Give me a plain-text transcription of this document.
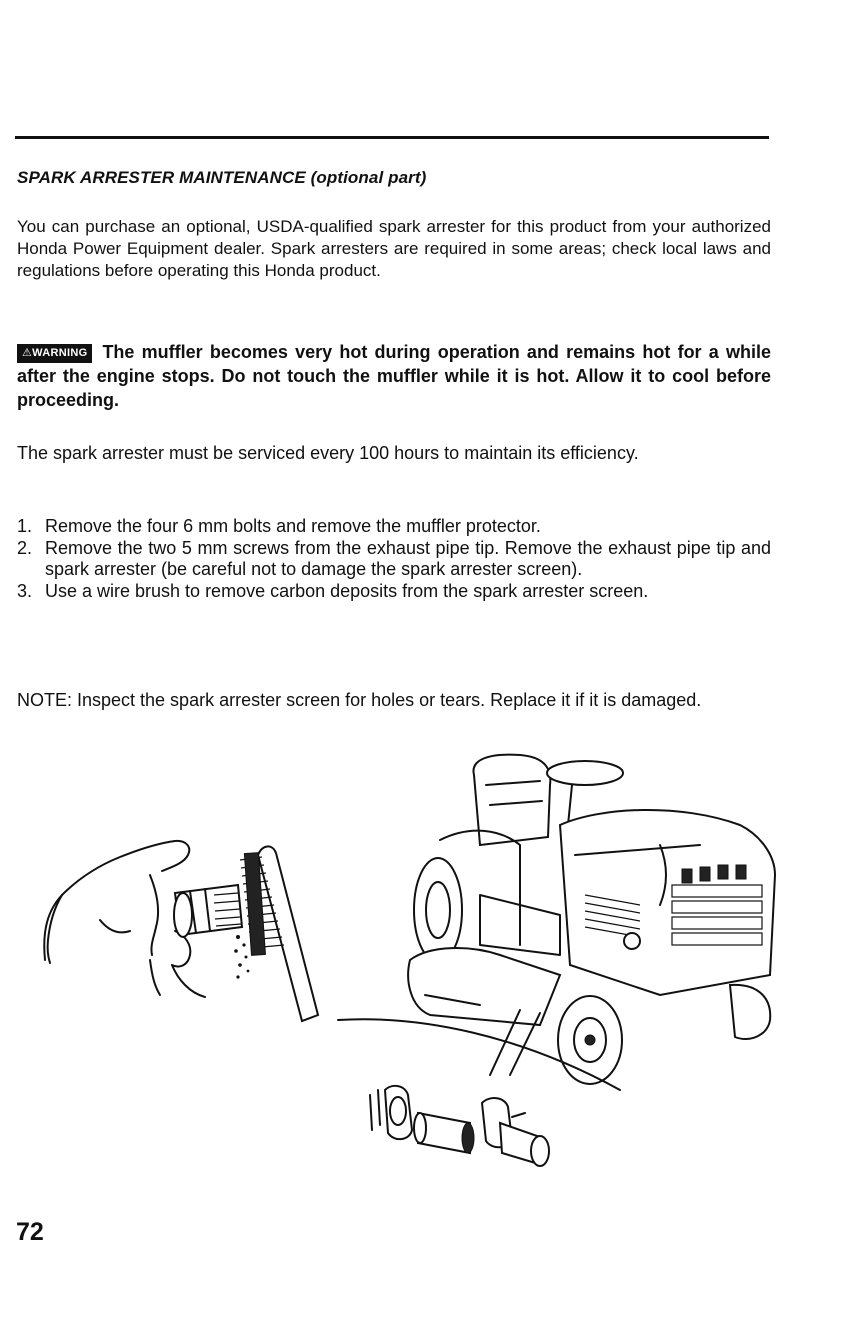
SPARK ARRESTER MAINTENANCE (optional part)
You can purchase an optional, USDA-qualified spark arrester for this product from your authorized Honda Power Equipment dealer. Spark arresters are required in some areas; check local laws and regulations before operating this Honda product.
⚠WARNING The muffler becomes very hot during operation and remains hot for a while after the engine stops. Do not touch the muffler while it is hot. Allow it to cool before proceeding.
The spark arrester must be serviced every 100 hours to maintain its efficiency.
1. Remove the four 6 mm bolts and remove the muffler protector.
2. Remove the two 5 mm screws from the exhaust pipe tip. Remove the exhaust pipe tip and spark arrester (be careful not to damage the spark arrester screen).
3. Use a wire brush to remove carbon deposits from the spark arrester screen.
NOTE: Inspect the spark arrester screen for holes or tears. Replace it if it is damaged.
72
